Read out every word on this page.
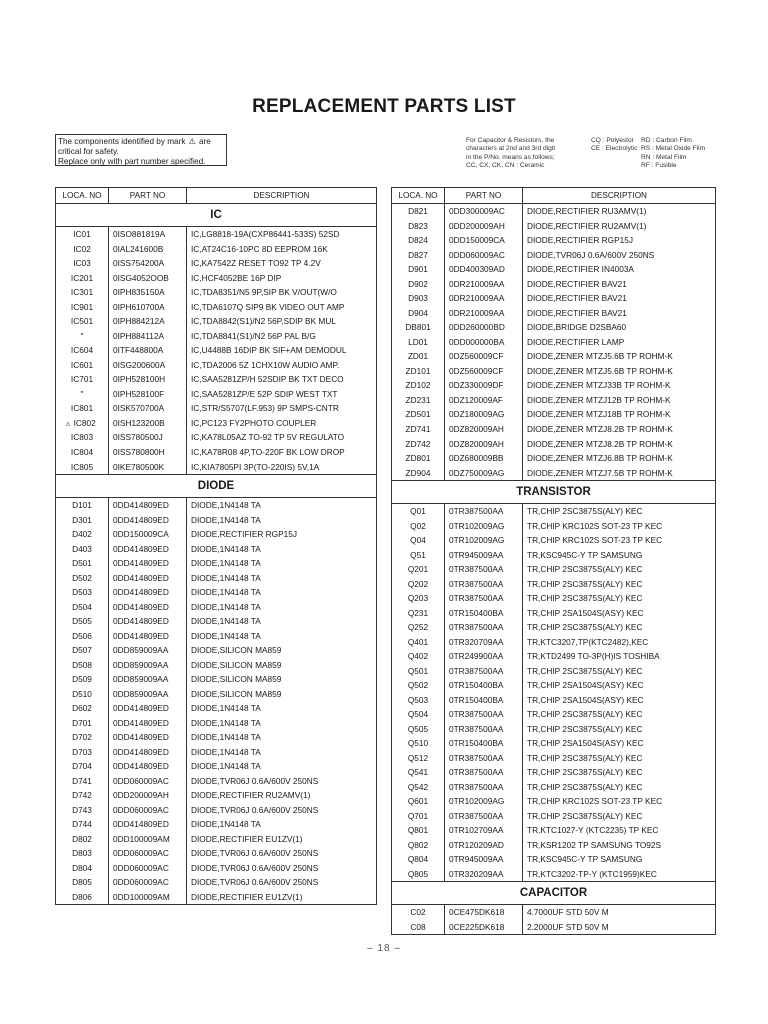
REPLACEMENT PARTS LIST
The components identified by mark ⚠ are
critical for safety.
Replace only with part number specified.
For Capacitor & Resistors, the
characters at 2nd and 3rd digit
in the P/No. means as follows;
CC, CX, CK, CN : Ceramic
CQ : Polyestor
CE : Electrolytic
RD : Carbon Film
RS : Metal Oxide Film
RN : Metal Film
RF : Fusible
LOCA. NO	PART NO	DESCRIPTION
IC		
IC01	0ISO881819A	IC,LG8818-19A(CXP86441-533S) 52SD
IC02	0IAL241600B	IC,AT24C16-10PC 8D EEPROM 16K
IC03	0ISS754200A	IC,KA7542Z RESET TO92 TP 4.2V
IC201	0ISG4052OOB	IC,HCF4052BE 16P DIP
IC301	0IPH835150A	IC,TDA8351/N5 9P,SIP BK V/OUT(W/O
IC901	0IPH610700A	IC,TDA6107Q SIP9 BK VIDEO OUT AMP
IC501	0IPH884212A	IC,TDA8842(S1)/N2 56P,SDIP BK MUL
"	0IPH884112A	IC,TDA8841(S1)/N2 56P PAL B/G
IC604	0ITF448800A	IC,U4488B 16DIP BK SIF+AM DEMODUL
IC601	0ISG200600A	IC,TDA2006 5Z 1CHX10W AUDIO AMP.
IC701	0IPH528100H	IC,SAA5281ZP/H 52SDIP BK TXT DECO
"	0IPH528100F	IC,SAA5281ZP/E 52P SDIP WEST TXT
IC801	0ISK570700A	IC,STR/S5707(LF.953) 9P SMPS-CNTR
⚠ IC802	0ISH123200B	IC,PC123 FY2PHOTO COUPLER
IC803	0ISS780500J	IC,KA78L05AZ TO-92 TP 5V REGULATO
IC804	0ISS780800H	IC,KA78R08 4P,TO-220F BK LOW DROP
IC805	0IKE780500K	IC,KIA7805PI 3P(TO-220IS) 5V,1A
DIODE		
D101	0DD414809ED	DIODE,1N4148 TA
D301	0DD414809ED	DIODE,1N4148 TA
D402	0DD150009CA	DIODE,RECTIFIER RGP15J
D403	0DD414809ED	DIODE,1N4148 TA
D501	0DD414809ED	DIODE,1N4148 TA
D502	0DD414809ED	DIODE,1N4148 TA
D503	0DD414809ED	DIODE,1N4148 TA
D504	0DD414809ED	DIODE,1N4148 TA
D505	0DD414809ED	DIODE,1N4148 TA
D506	0DD414809ED	DIODE,1N4148 TA
D507	0DD859009AA	DIODE,SILICON MA859
D508	0DD859009AA	DIODE,SILICON MA859
D509	0DD859009AA	DIODE,SILICON MA859
D510	0DD859009AA	DIODE,SILICON MA859
D602	0DD414809ED	DIODE,1N4148 TA
D701	0DD414809ED	DIODE,1N4148 TA
D702	0DD414809ED	DIODE,1N4148 TA
D703	0DD414809ED	DIODE,1N4148 TA
D704	0DD414809ED	DIODE,1N4148 TA
D741	0DD060009AC	DIODE,TVR06J 0.6A/600V 250NS
D742	0DD200009AH	DIODE,RECTIFIER RU2AMV(1)
D743	0DD060009AC	DIODE,TVR06J 0.6A/600V 250NS
D744	0DD414809ED	DIODE,1N4148 TA
D802	0DD100009AM	DIODE,RECTIFIER EU1ZV(1)
D803	0DD060009AC	DIODE,TVR06J 0.6A/600V 250NS
D804	0DD060009AC	DIODE,TVR06J 0.6A/600V 250NS
D805	0DD060009AC	DIODE,TVR06J 0.6A/600V 250NS
D806	0DD100009AM	DIODE,RECTIFIER EU1ZV(1)
LOCA. NO	PART NO	DESCRIPTION
D821	0DD300009AC	DIODE,RECTIFIER RU3AMV(1)
D823	0DD200009AH	DIODE,RECTIFIER RU2AMV(1)
D824	0DD150009CA	DIODE,RECTIFIER RGP15J
D827	0DD060009AC	DIODE,TVR06J 0.6A/600V 250NS
D901	0DD400309AD	DIODE,RECTIFIER IN4003A
D902	0DR210009AA	DIODE,RECTIFIER BAV21
D903	0DR210009AA	DIODE,RECTIFIER BAV21
D904	0DR210009AA	DIODE,RECTIFIER BAV21
DB801	0DD260000BD	DIODE,BRIDGE D2SBA60
LD01	0DD000000BA	DIODE,RECTIFIER LAMP
ZD01	0DZ560009CF	DIODE,ZENER MTZJ5.6B TP ROHM-K
ZD101	0DZ560009CF	DIODE,ZENER MTZJ5.6B TP ROHM-K
ZD102	0DZ330009DF	DIODE,ZENER MTZJ33B TP ROHM-K
ZD231	0DZ120009AF	DIODE,ZENER MTZJ12B TP ROHM-K
ZD501	0DZ180009AG	DIODE,ZENER MTZJ18B TP ROHM-K
ZD741	0DZ820009AH	DIODE,ZENER MTZJ8.2B TP ROHM-K
ZD742	0DZ820009AH	DIODE,ZENER MTZJ8.2B TP ROHM-K
ZD801	0DZ680009BB	DIODE,ZENER MTZJ6.8B TP ROHM-K
ZD904	0DZ750009AG	DIODE,ZENER MTZJ7.5B TP ROHM-K
TRANSISTOR		
Q01	0TR387500AA	TR,CHIP 2SC3875S(ALY) KEC
Q02	0TR102009AG	TR,CHIP KRC102S SOT-23 TP KEC
Q04	0TR102009AG	TR,CHIP KRC102S SOT-23 TP KEC
Q51	0TR945009AA	TR,KSC945C-Y TP SAMSUNG
Q201	0TR387500AA	TR,CHIP 2SC3875S(ALY) KEC
Q202	0TR387500AA	TR,CHIP 2SC3875S(ALY) KEC
Q203	0TR387500AA	TR,CHIP 2SC3875S(ALY) KEC
Q231	0TR150400BA	TR,CHIP 2SA1504S(ASY) KEC
Q252	0TR387500AA	TR,CHIP 2SC3875S(ALY) KEC
Q401	0TR320709AA	TR,KTC3207,TP(KTC2482),KEC
Q402	0TR249900AA	TR,KTD2499 TO-3P(H)IS TOSHIBA
Q501	0TR387500AA	TR,CHIP 2SC3875S(ALY) KEC
Q502	0TR150400BA	TR,CHIP 2SA1504S(ASY) KEC
Q503	0TR150400BA	TR,CHIP 2SA1504S(ASY) KEC
Q504	0TR387500AA	TR,CHIP 2SC3875S(ALY) KEC
Q505	0TR387500AA	TR,CHIP 2SC3875S(ALY) KEC
Q510	0TR150400BA	TR,CHIP 2SA1504S(ASY) KEC
Q512	0TR387500AA	TR,CHIP 2SC3875S(ALY) KEC
Q541	0TR387500AA	TR,CHIP 2SC3875S(ALY) KEC
Q542	0TR387500AA	TR,CHIP 2SC3875S(ALY) KEC
Q601	0TR102009AG	TR,CHIP KRC102S SOT-23 TP KEC
Q701	0TR387500AA	TR,CHIP 2SC3875S(ALY) KEC
Q801	0TR102709AA	TR,KTC1027-Y (KTC2235) TP KEC
Q802	0TR120209AD	TR,KSR1202 TP SAMSUNG TO92S
Q804	0TR945009AA	TR,KSC945C-Y TP SAMSUNG
Q805	0TR320209AA	TR,KTC3202-TP-Y (KTC1959)KEC
CAPACITOR		
C02	0CE475DK618	4.7000UF STD 50V M
C08	0CE225DK618	2.2000UF STD 50V M
– 18 –
